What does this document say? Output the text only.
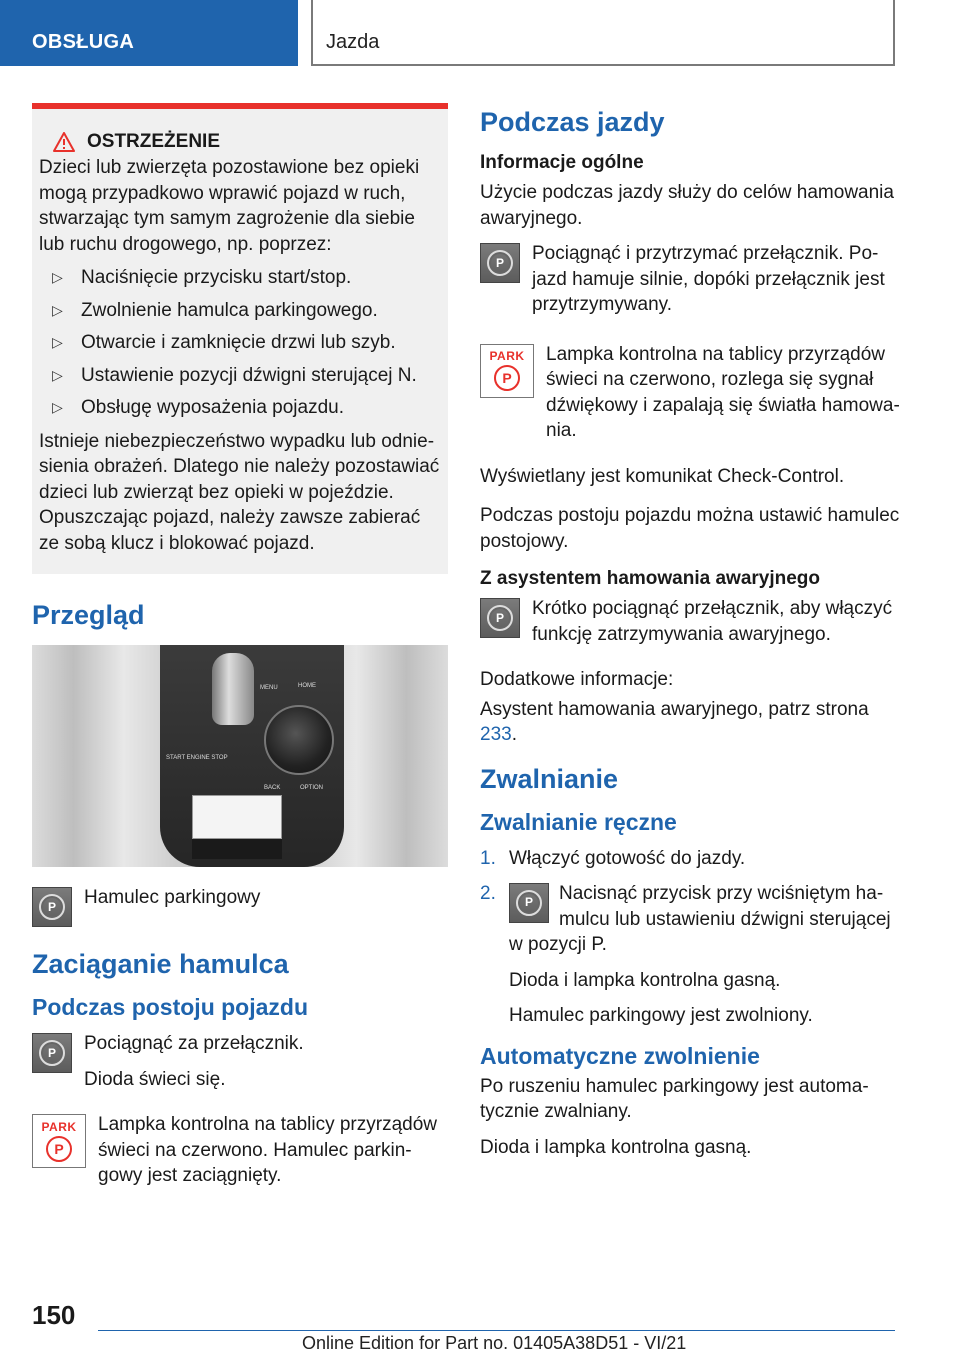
OBSŁUGA	Jazda
OSTRZEŻENIE

Dzieci lub zwierzęta pozostawione bez opieki mogą przypadkowo wprawić pojazd w ruch, stwarzając tym samym zagrożenie dla siebie lub ruchu drogowego, np. poprzez:

▷ Naciśnięcie przycisku start/stop.
▷ Zwolnienie hamulca parkingowego.
▷ Otwarcie i zamknięcie drzwi lub szyb.
▷ Ustawienie pozycji dźwigni sterującej N.
▷ Obsługę wyposażenia pojazdu.

Istnieje niebezpieczeństwo wypadku lub odniesienia obrażeń. Dlatego nie należy pozostawiać dzieci lub zwierząt bez opieki w pojeździe. Opuszczając pojazd, należy zawsze zabierać ze sobą klucz i blokować pojazd.

Przegląd
START ENGINE STOP
MENU	HOME
BACK	OPTION
P Hamulec parkingowy

Zaciąganie hamulca
Podczas postoju pojazdu
P Pociągnąć za przełącznik.

Dioda świeci się.

PARK
P

Lampka kontrolna na tablicy przyrządów świeci na czerwono. Hamulec parkingowy jest zaciągnięty.

Podczas jazdy
Informacje ogólne

Użycie podczas jazdy służy do celów hamowania awaryjnego.

P Pociągnąć i przytrzymać przełącznik. Pojazd hamuje silnie, dopóki przełącznik jest przytrzymywany.

PARK
P

Lampka kontrolna na tablicy przyrządów świeci na czerwono, rozlega się sygnał dźwiękowy i zapalają się światła hamowania.

Wyświetlany jest komunikat Check-Control.

Podczas postoju pojazdu można ustawić hamulec postojowy.

Z asystentem hamowania awaryjnego
P Krótko pociągnąć przełącznik, aby włączyć funkcję zatrzymywania awaryjnego.

Dodatkowe informacje:

Asystent hamowania awaryjnego, patrz strona 233.

Zwalnianie
Zwalnianie ręczne
1. Włączyć gotowość do jazdy.
2. P Nacisnąć przycisk przy wciśniętym hamulcu lub ustawieniu dźwigni sterującej w pozycji P.

Dioda i lampka kontrolna gasną.

Hamulec parkingowy jest zwolniony.

Automatyczne zwolnienie

Po ruszeniu hamulec parkingowy jest automatycznie zwalniany.

Dioda i lampka kontrolna gasną.

150
Online Edition for Part no. 01405A38D51 - VI/21
